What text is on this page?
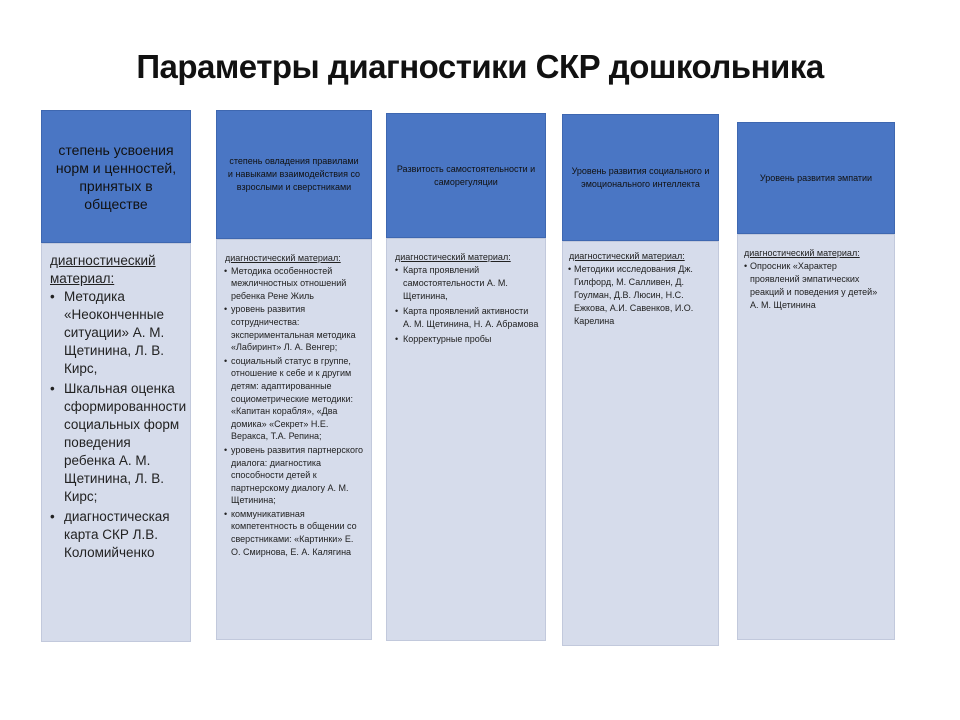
Параметры диагностики СКР дошкольника
степень усвоения норм и ценностей, принятых в обществе
диагностический материал:
• Методика «Неоконченные ситуации» А. М. Щетинина, Л. В. Кирс,
• Шкальная оценка сформированности социальных форм поведения ребенка А. М. Щетинина, Л. В. Кирс;
• диагностическая карта СКР Л.В. Коломийченко
степень овладения правилами и навыками взаимодействия со взрослыми и сверстниками
диагностический материал:
• Методика особенностей межличностных отношений ребенка Рене Жиль
• уровень развития сотрудничества: экспериментальная методика «Лабиринт» Л. А. Венгер;
• социальный статус в группе, отношение к себе и к другим детям: адаптированные социометрические методики: «Капитан корабля», «Два домика» «Секрет» Н.Е. Веракса, Т.А. Репина;
• уровень развития партнерского диалога: диагностика способности детей к партнерскому диалогу А. М. Щетинина;
• коммуникативная компетентность в общении со сверстниками: «Картинки» Е. О. Смирнова, Е. А. Калягина
Развитость самостоятельности и саморегуляции
диагностический материал:
• Карта проявлений самостоятельности А. М. Щетинина,
• Карта проявлений активности А. М. Щетинина, Н. А. Абрамова
• Корректурные пробы
Уровень развития социального и эмоционального интеллекта
диагностический материал:
• Методики исследования Дж. Гилфорд, М. Салливен, Д. Гоулман, Д.В. Люсин, Н.С. Ежкова, А.И. Савенков, И.О. Карелина
Уровень развития эмпатии
диагностический материал:
• Опросник «Характер проявлений эмпатических реакций и поведения у детей» А. М. Щетинина
